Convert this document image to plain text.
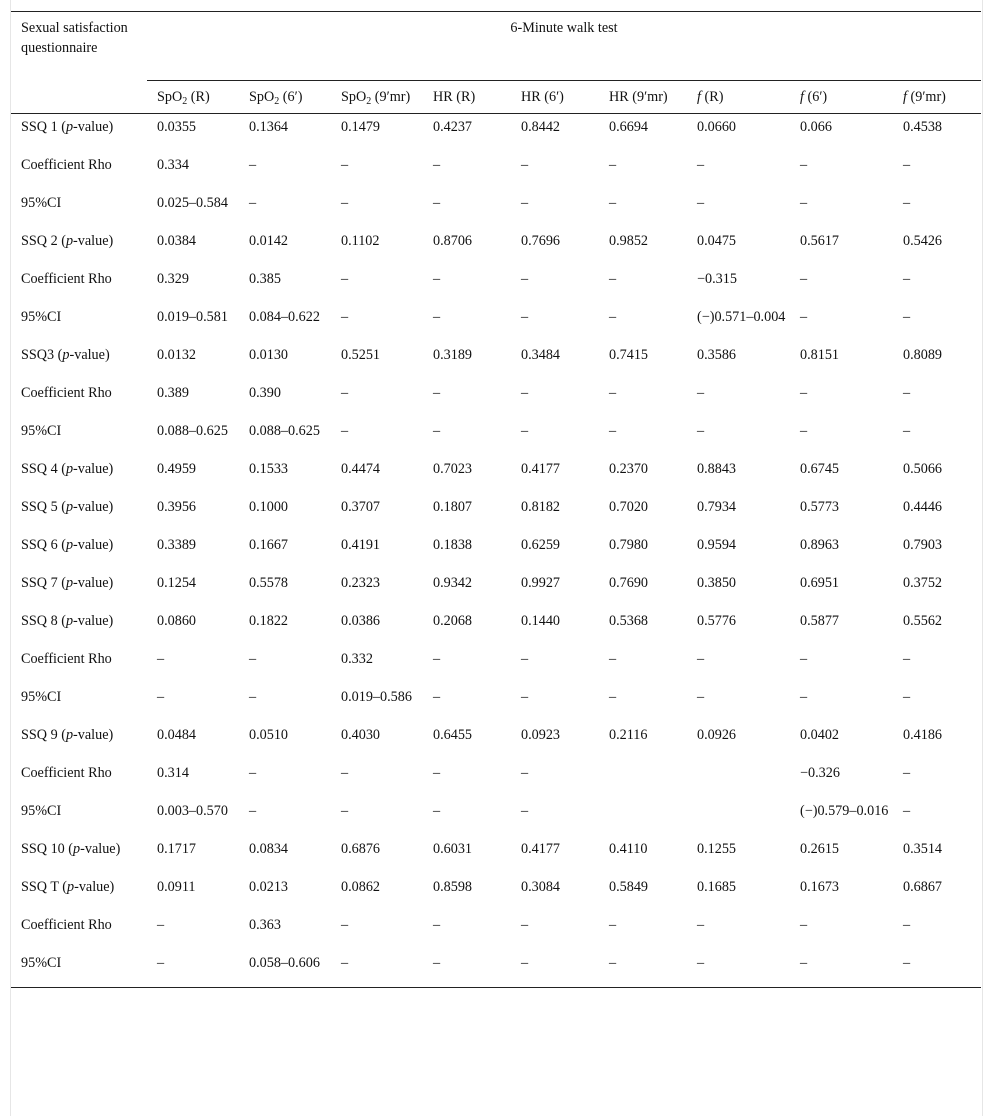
Sexual satisfaction questionnaire	6-Minute walk test								
	SpO$_2$ (R)	SpO$_2$ (6′)	SpO$_2$ (9′mr)	HR (R)	HR (6′)	HR (9′mr)	f (R)	f (6′)	f (9′mr)
SSQ 1 (p-value)	0.0355	0.1364	0.1479	0.4237	0.8442	0.6694	0.0660	0.066	0.4538
Coefficient Rho	0.334	–	–	–	–	–	–	–	–
95%CI	0.025–0.584	–	–	–	–	–	–	–	–
SSQ 2 (p-value)	0.0384	0.0142	0.1102	0.8706	0.7696	0.9852	0.0475	0.5617	0.5426
Coefficient Rho	0.329	0.385	–	–	–	–	−0.315	–	–
95%CI	0.019–0.581	0.084–0.622	–	–	–	–	(−)0.571–0.004	–	–
SSQ3 (p-value)	0.0132	0.0130	0.5251	0.3189	0.3484	0.7415	0.3586	0.8151	0.8089
Coefficient Rho	0.389	0.390	–	–	–	–	–	–	–
95%CI	0.088–0.625	0.088–0.625	–	–	–	–	–	–	–
SSQ 4 (p-value)	0.4959	0.1533	0.4474	0.7023	0.4177	0.2370	0.8843	0.6745	0.5066
SSQ 5 (p-value)	0.3956	0.1000	0.3707	0.1807	0.8182	0.7020	0.7934	0.5773	0.4446
SSQ 6 (p-value)	0.3389	0.1667	0.4191	0.1838	0.6259	0.7980	0.9594	0.8963	0.7903
SSQ 7 (p-value)	0.1254	0.5578	0.2323	0.9342	0.9927	0.7690	0.3850	0.6951	0.3752
SSQ 8 (p-value)	0.0860	0.1822	0.0386	0.2068	0.1440	0.5368	0.5776	0.5877	0.5562
Coefficient Rho	–	–	0.332	–	–	–	–	–	–
95%CI	–	–	0.019–0.586	–	–	–	–	–	–
SSQ 9 (p-value)	0.0484	0.0510	0.4030	0.6455	0.0923	0.2116	0.0926	0.0402	0.4186
Coefficient Rho	0.314	–	–	–	–			−0.326	–
95%CI	0.003–0.570	–	–	–	–			(−)0.579–0.016	–
SSQ 10 (p-value)	0.1717	0.0834	0.6876	0.6031	0.4177	0.4110	0.1255	0.2615	0.3514
SSQ T (p-value)	0.0911	0.0213	0.0862	0.8598	0.3084	0.5849	0.1685	0.1673	0.6867
Coefficient Rho	–	0.363	–	–	–	–	–	–	–
95%CI	–	0.058–0.606	–	–	–	–	–	–	–
